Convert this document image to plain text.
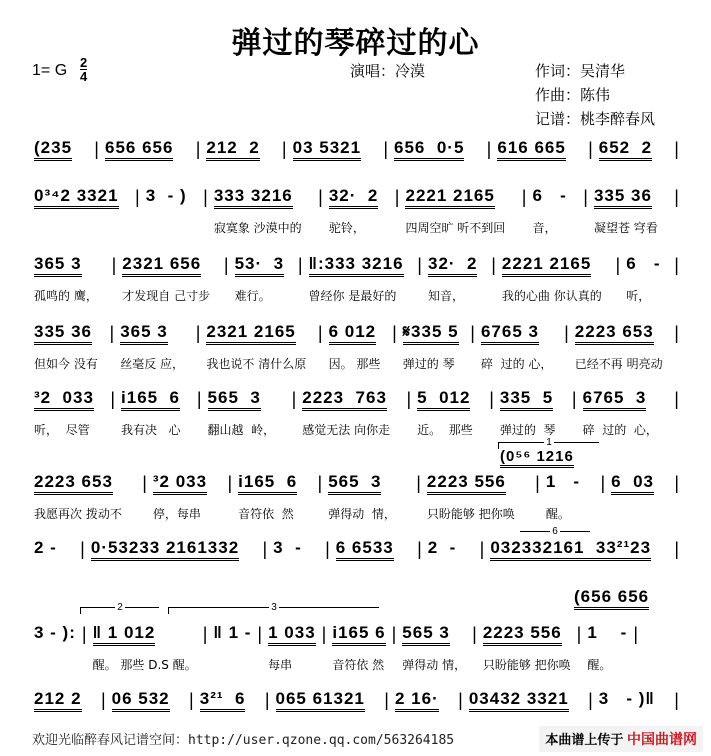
弹过的琴碎过的心
1= G $\frac{2}{4}$	演唱：冷漠	作词：吴清华
作曲：陈伟
记谱：桃李醉春风
(235 | 656 656 | 212  2 | 03 5321 | 656  0·5 | 616 665 | 652  2 |
0³⁴2 3321 | 3  - ) | 333 3216
寂寞象 沙漠中的
| 32·  2
驼铃，
| 2221 2165
四周空旷 听不到回
| 6   -
音，
| 335 36
凝望苍 穹看
|
365 3
孤鸣的 鹰，
| 2321 656
才发现自 己寸步
| 53·  3
难行。
| ‖:333 3216
曾经你 是最好的
| 32·  2
知音，
| 2221 2165
我的心曲 你认真的
| 6   -
听，
|
335 36
但如今 没有
| 365 3
丝毫反 应，
| 2321 2165
我也说不 清什么原
| 6 012
因。 那些
| 𝄋335 5
弹过的 琴
| 6765 3
碎  过的 心，
| 2223 653
已经不再 明亮动
|
³2  033
听，  尽管
| i165  6
我有决   心
| 565  3
翻山越  岭，
| 2223  763
感觉无法 向你走
| 5  012
近。  那些
| 335  5
弹过的  琴
| 6765  3
碎  过的  心，
|
2223 653
我愿再次 拨动不
| ³2 033
停，每串
| i165  6
音符依  然
| 565  3
弹得动  情，
| 2223 556
只盼能够 把你唤
| 1   -
醒。
| 6  03 |
2 - | 0·53233 2161332 | 3  - | 6 6533 | 2  - | 032332161  33²¹23 |
3 - ): | ‖ 1 012
醒。 那些 D.S 醒。
| ‖ 1 - | 1 033
每串
| i165 6
音符依 然
| 565 3
弹得动 情，
| 2223 556
只盼能够 把你唤
| 1    -
醒。
|
212 2 | 06 532 | 3²¹  6 | 065 61321 | 2 16· | 03432 3321 | 3   - )‖ |
1
(0⁵⁶ 1216
2	3
(656 656
6
欢迎光临醉春风记谱空间：http://user.qzone.qq.com/563264185	本曲谱上传于 中国曲谱网
